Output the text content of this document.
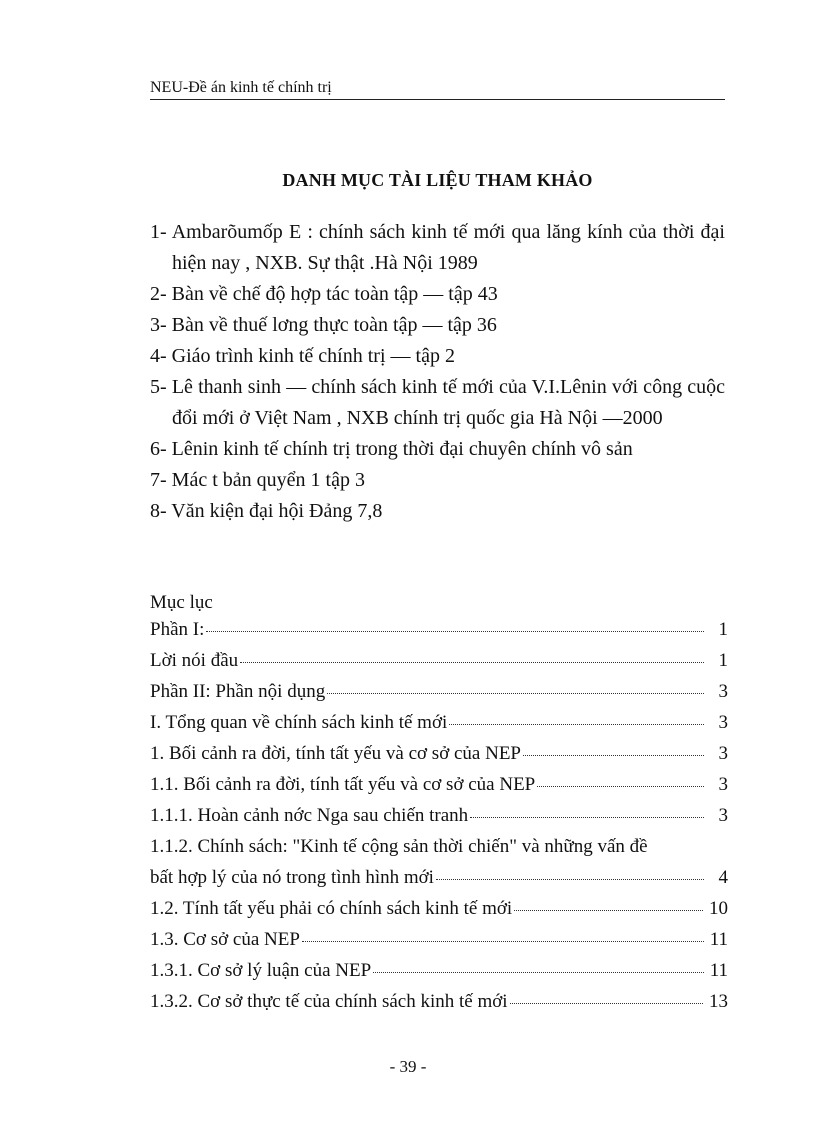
NEU-Đề án kinh tế chính trị
DANH MỤC TÀI LIỆU THAM KHẢO
1- Ambarõumốp E : chính sách kinh tế mới qua lăng kính của thời đại hiện nay , NXB. Sự thật .Hà Nội 1989
2- Bàn về chế độ hợp tác toàn tập — tập 43
3- Bàn về thuế lơng thực toàn tập — tập 36
4- Giáo trình kinh tế chính trị — tập 2
5- Lê thanh sinh — chính sách kinh tế mới của V.I.Lênin với công cuộc đổi mới ở Việt Nam , NXB chính trị quốc gia Hà Nội —2000
6- Lênin kinh tế chính trị trong thời đại chuyên chính vô sản
7- Mác t bản quyển 1 tập 3
8- Văn kiện đại hội Đảng 7,8
Mục lục
Phần I:	1
Lời nói đầu	1
Phần II: Phần nội dụng	3
I. Tổng quan về chính sách kinh tế mới	3
1. Bối cảnh ra đời, tính tất yếu và cơ sở của NEP	3
1.1. Bối cảnh ra đời, tính tất yếu và cơ sở của NEP	3
1.1.1. Hoàn cảnh nớc Nga sau chiến tranh	3
1.1.2. Chính sách: "Kinh tế cộng sản thời chiến" và những vấn đề
bất hợp lý của nó trong tình hình mới	4
1.2. Tính tất yếu phải có chính sách kinh tế mới	10
1.3. Cơ sở của NEP	11
1.3.1. Cơ sở lý luận của NEP	11
1.3.2. Cơ sở thực tế của chính sách kinh tế mới	13
- 39 -
